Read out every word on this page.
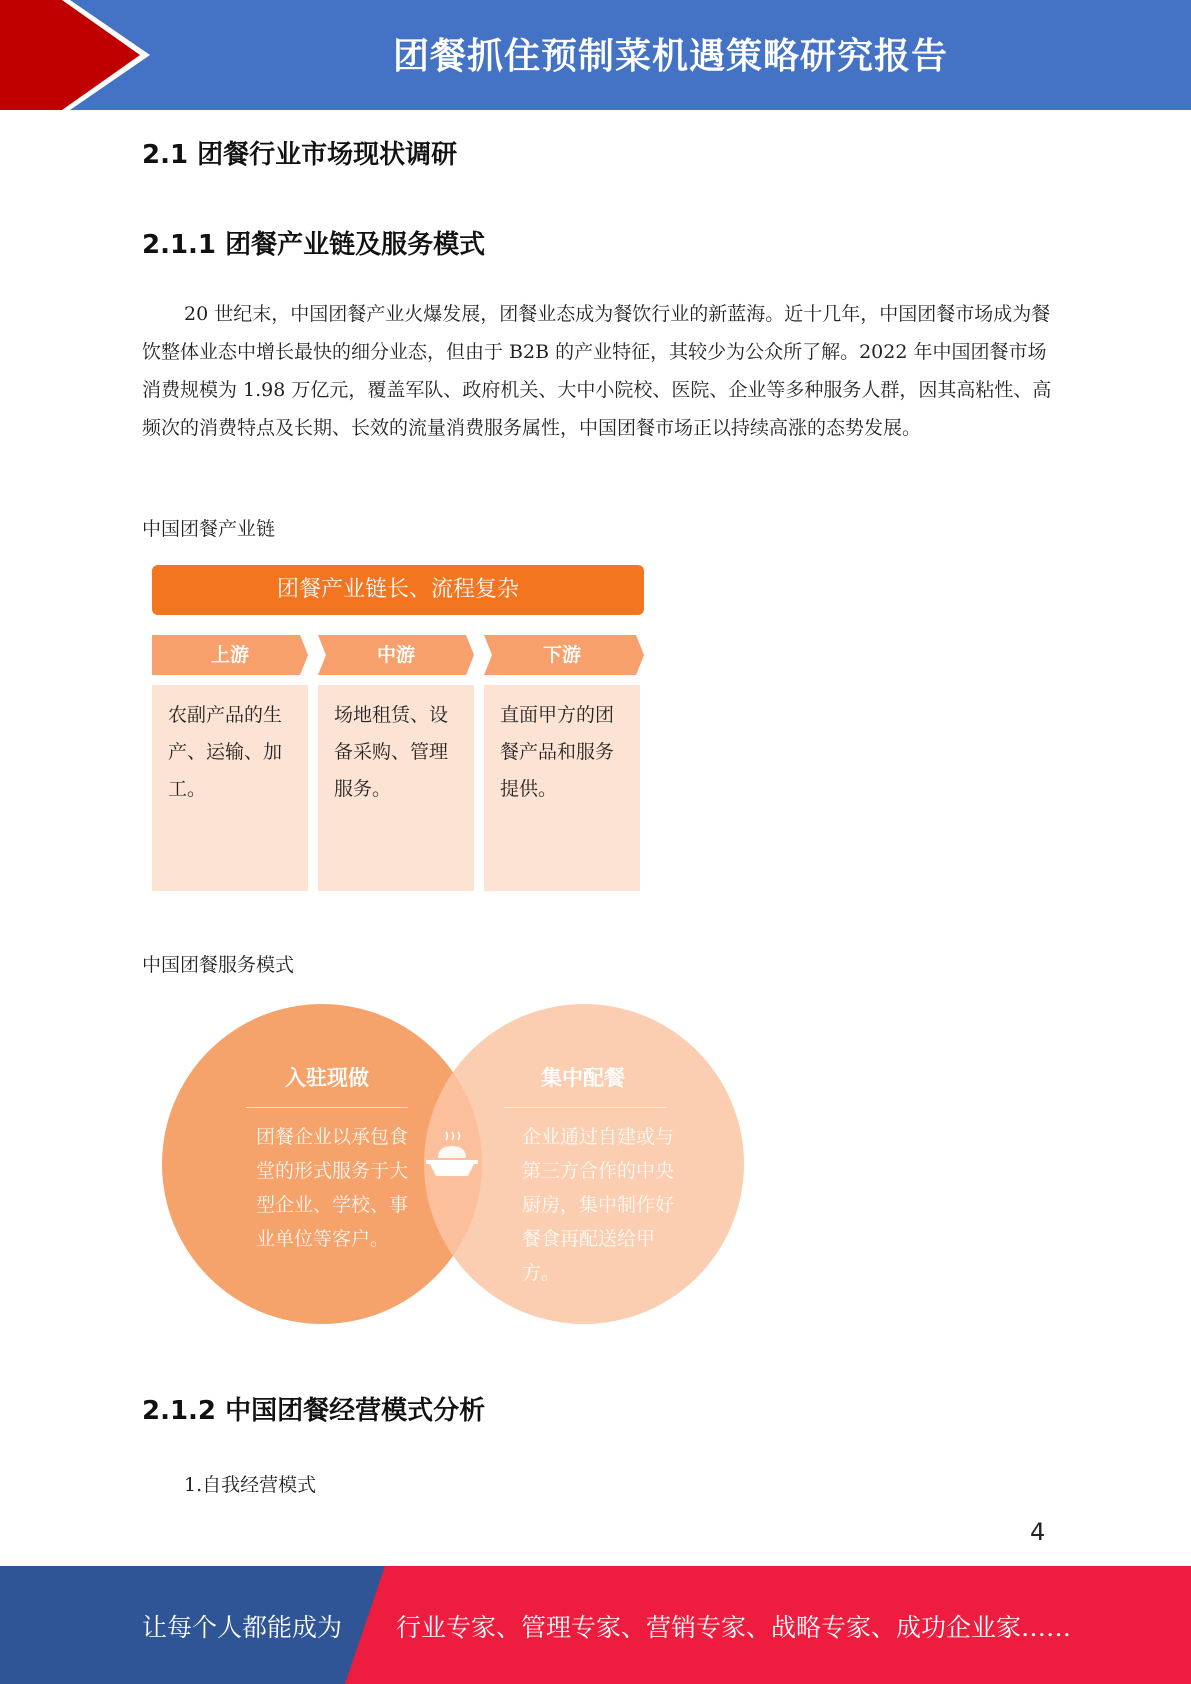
团餐抓住预制菜机遇策略研究报告
2.1 团餐行业市场现状调研
2.1.1 团餐产业链及服务模式

20 世纪末，中国团餐产业火爆发展，团餐业态成为餐饮行业的新蓝海。近十几年，中国团餐市场成为餐饮整体业态中增长最快的细分业态，但由于 B2B 的产业特征，其较少为公众所了解。2022 年中国团餐市场消费规模为 1.98 万亿元，覆盖军队、政府机关、大中小院校、医院、企业等多种服务人群，因其高粘性、高频次的消费特点及长期、长效的流量消费服务属性，中国团餐市场正以持续高涨的态势发展。

中国团餐产业链
团餐产业链长、流程复杂
上游
农副产品的生产、运输、加工。
中游
场地租赁、设备采购、管理服务。
下游
直面甲方的团餐产品和服务提供。
中国团餐服务模式
入驻现做
团餐企业以承包食堂的形式服务于大型企业、学校、事业单位等客户。
集中配餐
企业通过自建或与第三方合作的中央厨房，集中制作好餐食再配送给甲方。
2.1.2 中国团餐经营模式分析
1.自我经营模式
4
让每个人都能成为 行业专家、管理专家、营销专家、战略专家、成功企业家……
